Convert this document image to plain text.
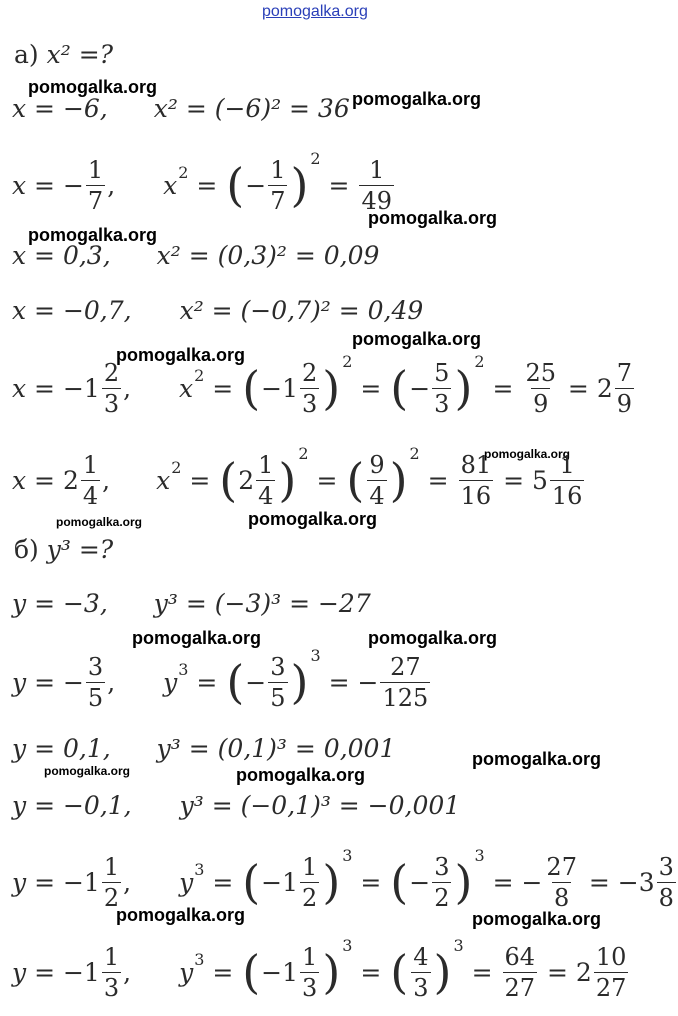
pomogalka.org
pomogalka.org
pomogalka.org
pomogalka.org
pomogalka.org
pomogalka.org
pomogalka.org
pomogalka.org
pomogalka.org
pomogalka.org
pomogalka.org	pomogalka.org
pomogalka.org
pomogalka.org	pomogalka.org
pomogalka.org	pomogalka.org
а) x² =?
x = −6, x² = (−6)² = 36
x = − $\frac{1}{7}$ , x 2 = ( − $\frac{1}{7}$ ) 2
= $\frac{1}{49}$
x = 0,3, x² = (0,3)² = 0,09
x = −0,7, x² = (−0,7)² = 0,49
$x = -1 \frac{2}{3}$ , x 2 = ( $-1 \frac{2}{3}$ ) 2
= ( − $\frac{5}{3}$ ) 2
= $\frac{25}{9} = 2 \frac{7}{9}$
$x = 2 \frac{1}{4}$ , x 2 = ( $2 \frac{1}{4}$ ) 2
= ( $\frac{9}{4}$ ) 2
= $\frac{81}{16} = 5 \frac{1}{16}$
б) y³ =?
y = −3, y³ = (−3)³ = −27
y = − $\frac{3}{5}$ , y 3 = ( − $\frac{3}{5}$ ) 3
= − $\frac{27}{125}$
y = 0,1, y³ = (0,1)³ = 0,001
y = −0,1, y³ = (−0,1)³ = −0,001
$y = -1 \frac{1}{2}$ , y 3 = ( $-1 \frac{1}{2}$ ) 3
= ( − $\frac{3}{2}$ ) 3
= − $\frac{27}{8} = -3 \frac{3}{8}$
$y = -1 \frac{1}{3}$ , y 3 = ( $-1 \frac{1}{3}$ ) 3
= ( $\frac{4}{3}$ ) 3
= $\frac{64}{27} = 2 \frac{10}{27}$
